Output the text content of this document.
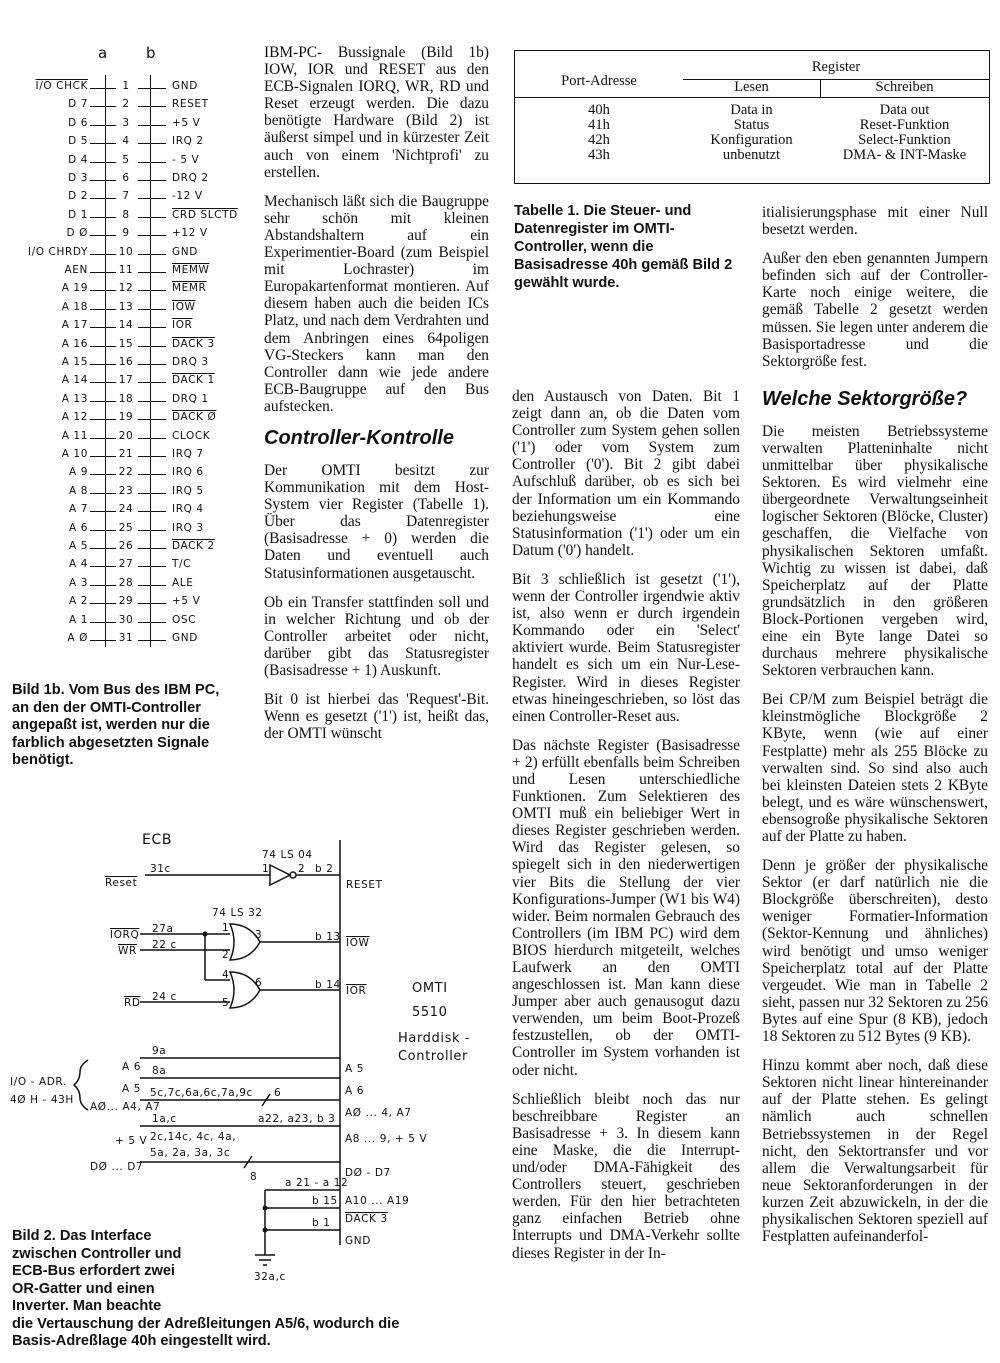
a	b
I/O CHCK	1	GND
D 7	2	RESET
D 6	3	+5 V
D 5	4	IRQ 2
D 4	5	- 5 V
D 3	6	DRQ 2
D 2	7	-12 V
D 1	8	CRD SLCTD
D Ø	9	+12 V
I/O CHRDY	10	GND
AEN	11	MEMW
A 19	12	MEMR
A 18	13	$\overline{IOW}$
A 17	14	$\overline{IOR}$
A 16	15	DACK 3
A 15	16	DRQ 3
A 14	17	DACK 1
A 13	18	DRQ 1
A 12	19	DACK Ø
A 11	20	CLOCK
A 10	21	IRQ 7
A 9	22	IRQ 6
A 8	23	IRQ 5
A 7	24	IRQ 4
A 6	25	IRQ 3
A 5	26	DACK 2
A 4	27	T/C
A 3	28	ALE
A 2	29	+5 V
A 1	30	OSC
A Ø	31	GND
Bild 1b. Vom Bus des IBM PC, an den der OMTI-Controller angepaßt ist, werden nur die farblich abgesetzten Signale benötigt.
ECB
74 LS 04
74 LS 32
Reset
31c	b 2
RESET
IORQ 27a
WR 22 c
RD 24 c
b 13 IOW
b 14 IOR
1
2
3
4
5
6
1	2
OMTI
5510
Harddisk -
Controller
A 6
9a
A 5
8a
I/O - ADR.
4Ø H - 43H
AØ... A4, A7
5c,7c,6a,6c,7a,9c 6
+ 5 V
1a,c	a22, a23, b 3
DØ ... D7
2c,14c, 4c, 4a,
5a, 2a, 3a, 3c
8	a 21 - a 12
b 15
b 1
32a,c
A 5
A 6
AØ ... 4, A7
A8 ... 9, + 5 V
DØ - D7
A10 ... A19
DACK 3
GND
Bild 2. Das Interface
zwischen Controller und
ECB-Bus erfordert zwei
OR-Gatter und einen
Inverter. Man beachte
die Vertauschung der Adreßleitungen A5/6, wodurch die
Basis-Adreßlage 40h eingestellt wird.

IBM-PC- Bussignale (Bild 1b) IOW, IOR und RESET aus den ECB-Signalen IORQ, WR, RD und Reset erzeugt werden. Die dazu benötigte Hardware (Bild 2) ist äußerst simpel und in kürzester Zeit auch von einem 'Nichtprofi' zu erstellen.

Mechanisch läßt sich die Baugruppe sehr schön mit kleinen Abstandshaltern auf ein Experimentier-Board (zum Beispiel mit Lochraster) im Europakartenformat montieren. Auf diesem haben auch die beiden ICs Platz, und nach dem Verdrahten und dem Anbringen eines 64poligen VG-Steckers kann man den Controller dann wie jede andere ECB-Baugruppe auf den Bus aufstecken.

Controller-Kontrolle

Der OMTI besitzt zur Kommunikation mit dem Host-System vier Register (Tabelle 1). Über das Datenregister (Basisadresse + 0) werden die Daten und eventuell auch Statusinformationen ausgetauscht.

Ob ein Transfer stattfinden soll und in welcher Richtung und ob der Controller arbeitet oder nicht, darüber gibt das Statusregister (Basisadresse + 1) Auskunft.

Bit 0 ist hierbei das 'Request'-Bit. Wenn es gesetzt ('1') ist, heißt das, der OMTI wünscht

Port-Adresse
Register
Lesen	Schreiben
40h	Data in	Data out
41h	Status	Reset-Funktion
42h	Konfiguration	Select-Funktion
43h	unbenutzt	DMA- & INT-Maske
Tabelle 1. Die Steuer- und Datenregister im OMTI-Controller, wenn die Basisadresse 40h gemäß Bild 2 gewählt wurde.

den Austausch von Daten. Bit 1 zeigt dann an, ob die Daten vom Controller zum System gehen sollen ('1') oder vom System zum Controller ('0'). Bit 2 gibt dabei Aufschluß darüber, ob es sich bei der Information um ein Kommando beziehungsweise eine Statusinformation ('1') oder um ein Datum ('0') handelt.

Bit 3 schließlich ist gesetzt ('1'), wenn der Controller irgendwie aktiv ist, also wenn er durch irgendein Kommando oder ein 'Select' aktiviert wurde. Beim Statusregister handelt es sich um ein Nur-Lese-Register. Wird in dieses Register etwas hineingeschrieben, so löst das einen Controller-Reset aus.

Das nächste Register (Basisadresse + 2) erfüllt ebenfalls beim Schreiben und Lesen unterschiedliche Funktionen. Zum Selektieren des OMTI muß ein beliebiger Wert in dieses Register geschrieben werden. Wird das Register gelesen, so spiegelt sich in den niederwertigen vier Bits die Stellung der vier Konfigurations-Jumper (W1 bis W4) wider. Beim normalen Gebrauch des Controllers (im IBM PC) wird dem BIOS hierdurch mitgeteilt, welches Laufwerk an den OMTI angeschlossen ist. Man kann diese Jumper aber auch genausogut dazu verwenden, um beim Boot-Prozeß festzustellen, ob der OMTI-Controller im System vorhanden ist oder nicht.

Schließlich bleibt noch das nur beschreibbare Register an Basisadresse + 3. In diesem kann eine Maske, die die Interrupt- und/oder DMA-Fähigkeit des Controllers steuert, geschrieben werden. Für den hier betrachteten ganz einfachen Betrieb ohne Interrupts und DMA-Verkehr sollte dieses Register in der In-

itialisierungsphase mit einer Null besetzt werden.

Außer den eben genannten Jumpern befinden sich auf der Controller-Karte noch einige weitere, die gemäß Tabelle 2 gesetzt werden müssen. Sie legen unter anderem die Basisportadresse und die Sektorgröße fest.

Welche Sektorgröße?

Die meisten Betriebssysteme verwalten Platteninhalte nicht unmittelbar über physikalische Sektoren. Es wird vielmehr eine übergeordnete Verwaltungseinheit logischer Sektoren (Blöcke, Cluster) geschaffen, die Vielfache von physikalischen Sektoren umfaßt. Wichtig zu wissen ist dabei, daß Speicherplatz auf der Platte grundsätzlich in den größeren Block-Portionen vergeben wird, eine ein Byte lange Datei so durchaus mehrere physikalische Sektoren verbrauchen kann.

Bei CP/M zum Beispiel beträgt die kleinstmögliche Blockgröße 2 KByte, wenn (wie auf einer Festplatte) mehr als 255 Blöcke zu verwalten sind. So sind also auch bei kleinsten Dateien stets 2 KByte belegt, und es wäre wünschenswert, ebensogroße physikalische Sektoren auf der Platte zu haben.

Denn je größer der physikalische Sektor (er darf natürlich nie die Blockgröße überschreiten), desto weniger Formatier-Information (Sektor-Kennung und ähnliches) wird benötigt und umso weniger Speicherplatz total auf der Platte vergeudet. Wie man in Tabelle 2 sieht, passen nur 32 Sektoren zu 256 Bytes auf eine Spur (8 KB), jedoch 18 Sektoren zu 512 Bytes (9 KB).

Hinzu kommt aber noch, daß diese Sektoren nicht linear hintereinander auf der Platte stehen. Es gelingt nämlich auch schnellen Betriebssystemen in der Regel nicht, den Sektortransfer und vor allem die Verwaltungsarbeit für neue Sektoranforderungen in der kurzen Zeit abzuwickeln, in der die physikalischen Sektoren speziell auf Festplatten aufeinanderfol-
